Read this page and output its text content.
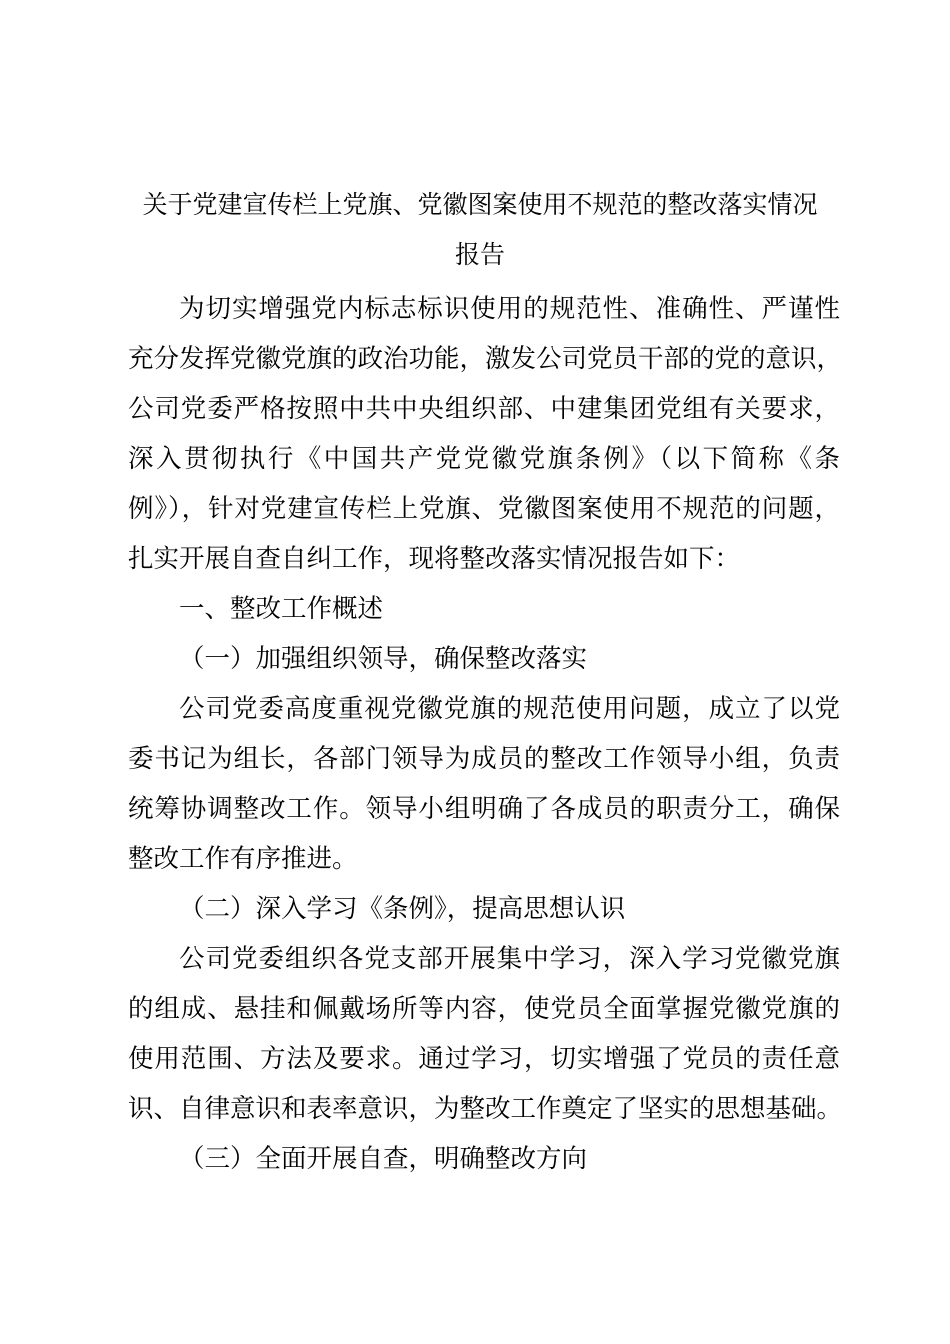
关于党建宣传栏上党旗、党徽图案使用不规范的整改落实情况
报告
为切实增强党内标志标识使用的规范性、准确性、严谨性
充分发挥党徽党旗的政治功能，激发公司党员干部的党的意识，
公司党委严格按照中共中央组织部、中建集团党组有关要求，
深入贯彻执行《中国共产党党徽党旗条例》（以下简称《条
例》），针对党建宣传栏上党旗、党徽图案使用不规范的问题，
扎实开展自查自纠工作，现将整改落实情况报告如下：
一、整改工作概述
（一）加强组织领导，确保整改落实
公司党委高度重视党徽党旗的规范使用问题，成立了以党
委书记为组长，各部门领导为成员的整改工作领导小组，负责
统筹协调整改工作。领导小组明确了各成员的职责分工，确保
整改工作有序推进。
（二）深入学习《条例》，提高思想认识
公司党委组织各党支部开展集中学习，深入学习党徽党旗
的组成、悬挂和佩戴场所等内容，使党员全面掌握党徽党旗的
使用范围、方法及要求。通过学习，切实增强了党员的责任意
识、自律意识和表率意识，为整改工作奠定了坚实的思想基础。
（三）全面开展自查，明确整改方向
